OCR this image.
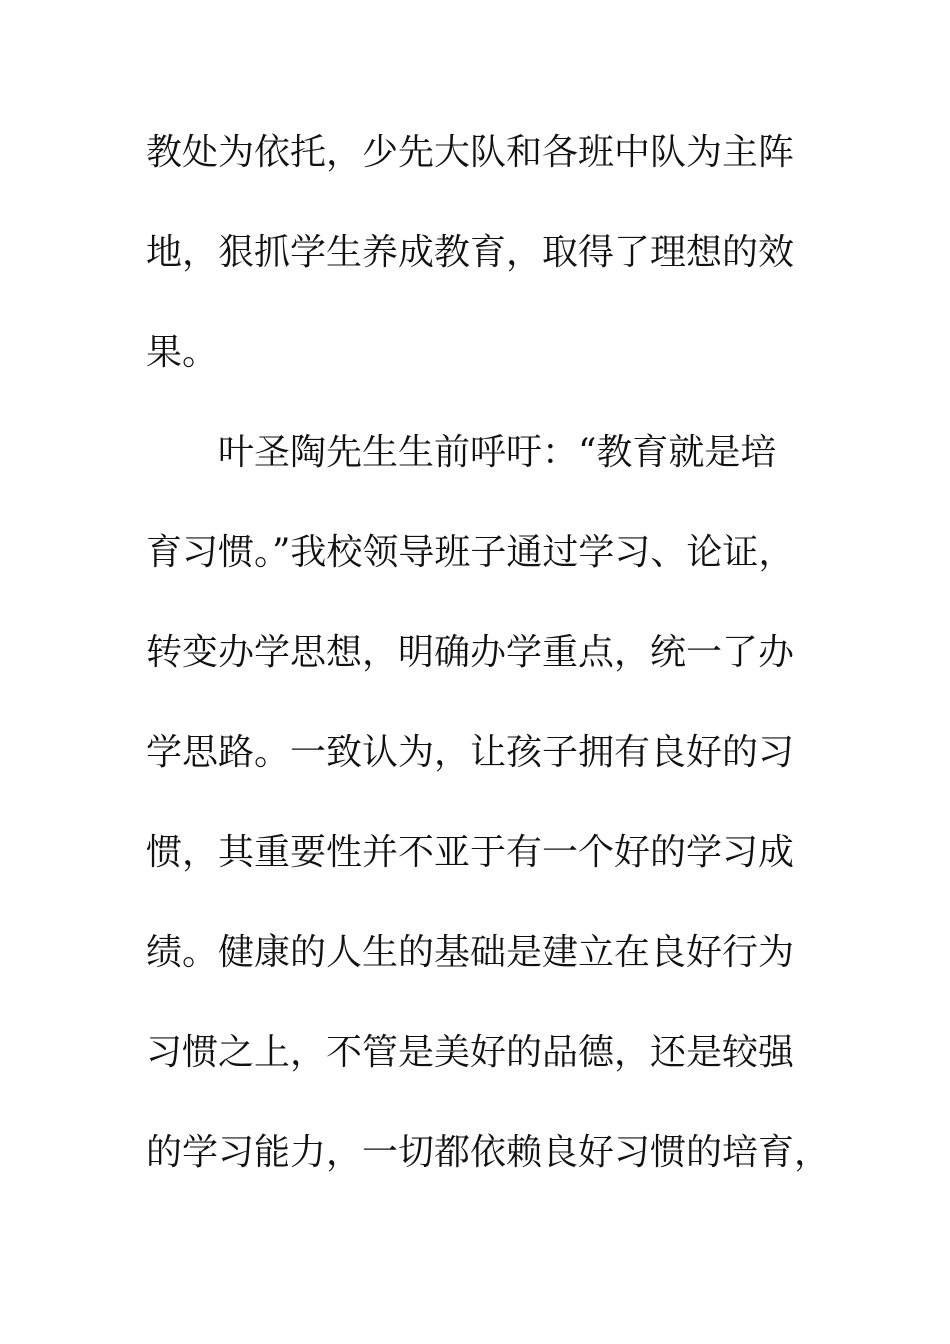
教处为依托，少先大队和各班中队为主阵
地，狠抓学生养成教育，取得了理想的效
果。
叶圣陶先生生前呼吁：“教育就是培
育习惯。”我校领导班子通过学习、论证，
转变办学思想，明确办学重点，统一了办
学思路。一致认为，让孩子拥有良好的习
惯，其重要性并不亚于有一个好的学习成
绩。健康的人生的基础是建立在良好行为
习惯之上，不管是美好的品德，还是较强
的学习能力，一切都依赖良好习惯的培育，
